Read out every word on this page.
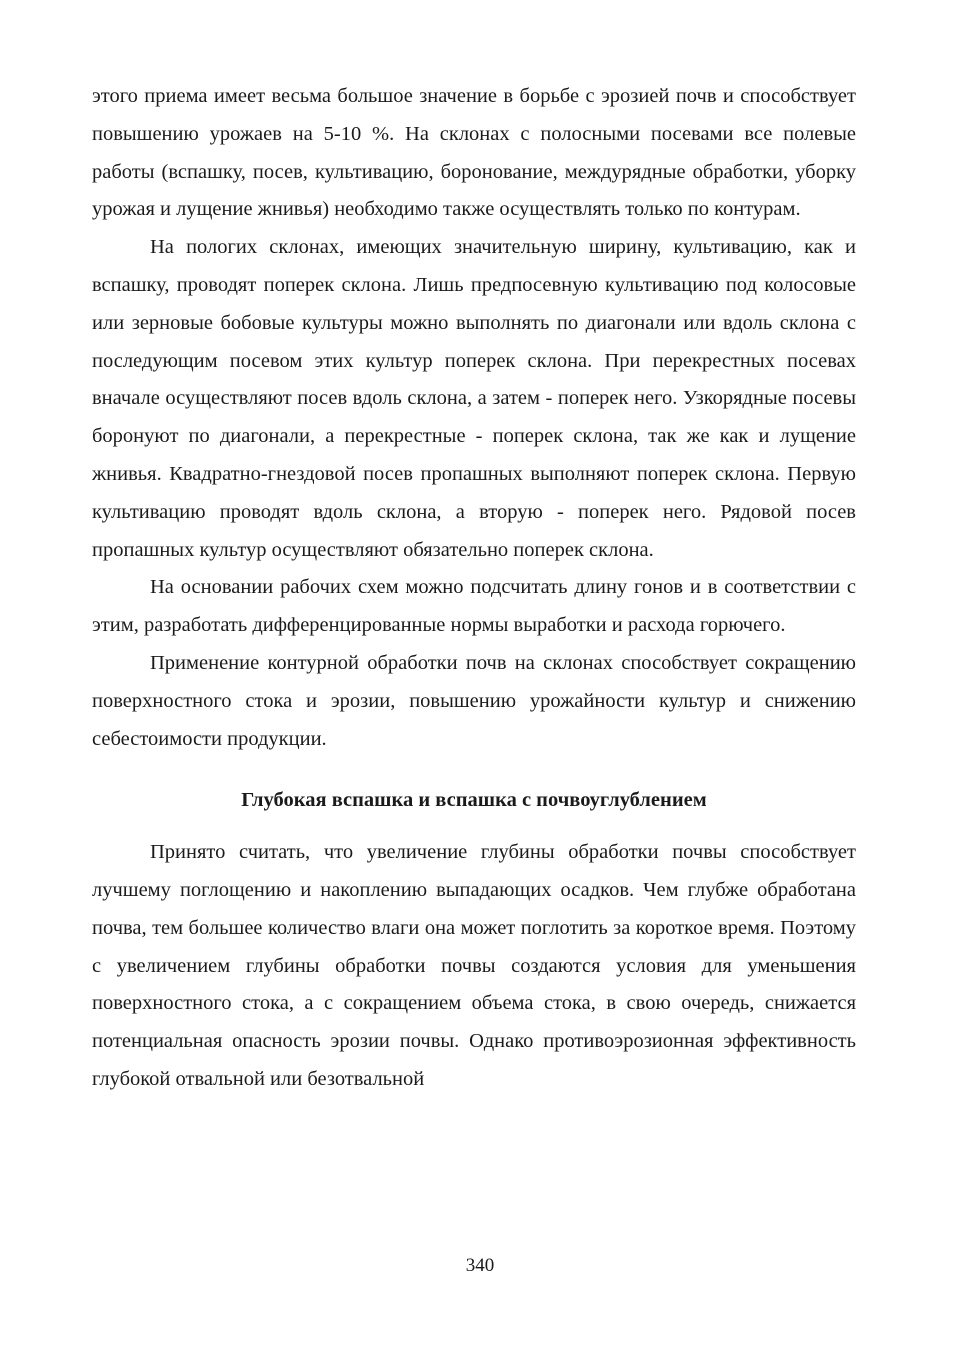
этого приема имеет весьма большое значение в борьбе с эрозией почв и способствует повышению урожаев на 5-10 %. На склонах с полосными посевами все полевые работы (вспашку, посев, культивацию, боронование, междурядные обработки, уборку урожая и лущение жнивья) необходимо также осуществлять только по контурам.

На пологих склонах, имеющих значительную ширину, культивацию, как и вспашку, проводят поперек склона. Лишь предпосевную культивацию под колосовые или зерновые бобовые культуры можно выполнять по диагонали или вдоль склона с последующим посевом этих культур поперек склона. При перекрестных посевах вначале осуществляют посев вдоль склона, а затем - поперек него. Узкорядные посевы боронуют по диагонали, а перекрестные - поперек склона, так же как и лущение жнивья. Квадратно-гнездовой посев пропашных выполняют поперек склона. Первую культивацию проводят вдоль склона, а вторую - поперек него. Рядовой посев пропашных культур осуществляют обязательно поперек склона.

На основании рабочих схем можно подсчитать длину гонов и в соответствии с этим, разработать дифференцированные нормы выработки и расхода горючего.

Применение контурной обработки почв на склонах способствует сокращению поверхностного стока и эрозии, повышению урожайности культур и снижению себестоимости продукции.

Глубокая вспашка и вспашка с почвоуглублением

Принято считать, что увеличение глубины обработки почвы способствует лучшему поглощению и накоплению выпадающих осадков. Чем глубже обработана почва, тем большее количество влаги она может поглотить за короткое время. Поэтому с увеличением глубины обработки почвы создаются условия для уменьшения поверхностного стока, а с сокращением объема стока, в свою очередь, снижается потенциальная опасность эрозии почвы. Однако противоэрозионная эффективность глубокой отвальной или безотвальной

340
